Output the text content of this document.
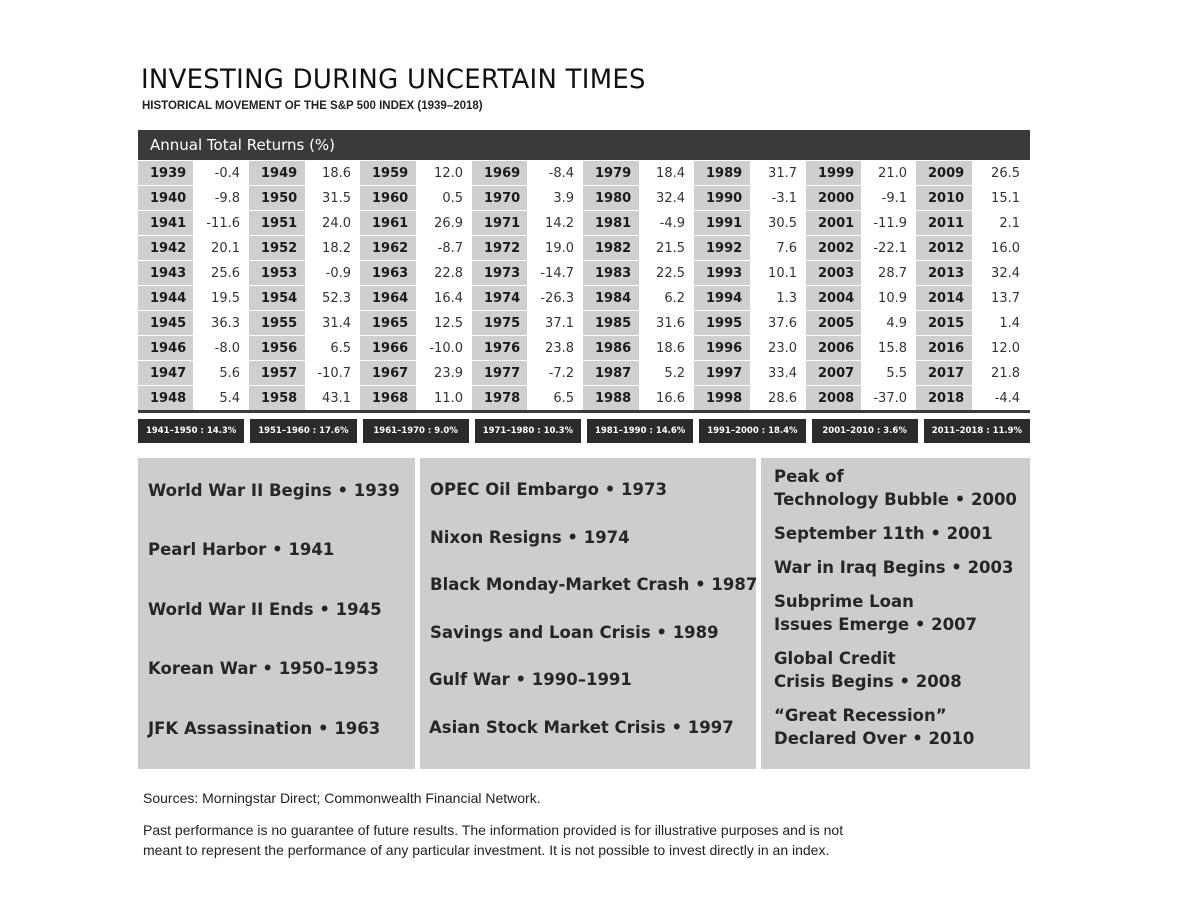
INVESTING DURING UNCERTAIN TIMES
HISTORICAL MOVEMENT OF THE S&P 500 INDEX (1939–2018)
Annual Total Returns (%)
1939	-0.4	1949	18.6	1959	12.0	1969	-8.4	1979	18.4	1989	31.7	1999	21.0	2009	26.5
1940	-9.8	1950	31.5	1960	0.5	1970	3.9	1980	32.4	1990	-3.1	2000	-9.1	2010	15.1
1941	-11.6	1951	24.0	1961	26.9	1971	14.2	1981	-4.9	1991	30.5	2001	-11.9	2011	2.1
1942	20.1	1952	18.2	1962	-8.7	1972	19.0	1982	21.5	1992	7.6	2002	-22.1	2012	16.0
1943	25.6	1953	-0.9	1963	22.8	1973	-14.7	1983	22.5	1993	10.1	2003	28.7	2013	32.4
1944	19.5	1954	52.3	1964	16.4	1974	-26.3	1984	6.2	1994	1.3	2004	10.9	2014	13.7
1945	36.3	1955	31.4	1965	12.5	1975	37.1	1985	31.6	1995	37.6	2005	4.9	2015	1.4
1946	-8.0	1956	6.5	1966	-10.0	1976	23.8	1986	18.6	1996	23.0	2006	15.8	2016	12.0
1947	5.6	1957	-10.7	1967	23.9	1977	-7.2	1987	5.2	1997	33.4	2007	5.5	2017	21.8
1948	5.4	1958	43.1	1968	11.0	1978	6.5	1988	16.6	1998	28.6	2008	-37.0	2018	-4.4
1941–1950 : 14.3%	1951–1960 : 17.6%	1961–1970 : 9.0%	1971–1980 : 10.3%	1981–1990 : 14.6%	1991–2000 : 18.4%	2001–2010 : 3.6%	2011–2018 : 11.9%
World War II Begins • 1939
Pearl Harbor • 1941
World War II Ends • 1945
Korean War • 1950–1953
JFK Assassination • 1963
OPEC Oil Embargo • 1973
Nixon Resigns • 1974
Black Monday-Market Crash • 1987
Savings and Loan Crisis • 1989
Gulf War • 1990–1991
Asian Stock Market Crisis • 1997
Peak of
Technology Bubble • 2000
September 11th • 2001
War in Iraq Begins • 2003
Subprime Loan
Issues Emerge • 2007
Global Credit
Crisis Begins • 2008
“Great Recession”
Declared Over • 2010
Sources: Morningstar Direct; Commonwealth Financial Network.
Past performance is no guarantee of future results. The information provided is for illustrative purposes and is not
meant to represent the performance of any particular investment. It is not possible to invest directly in an index.
